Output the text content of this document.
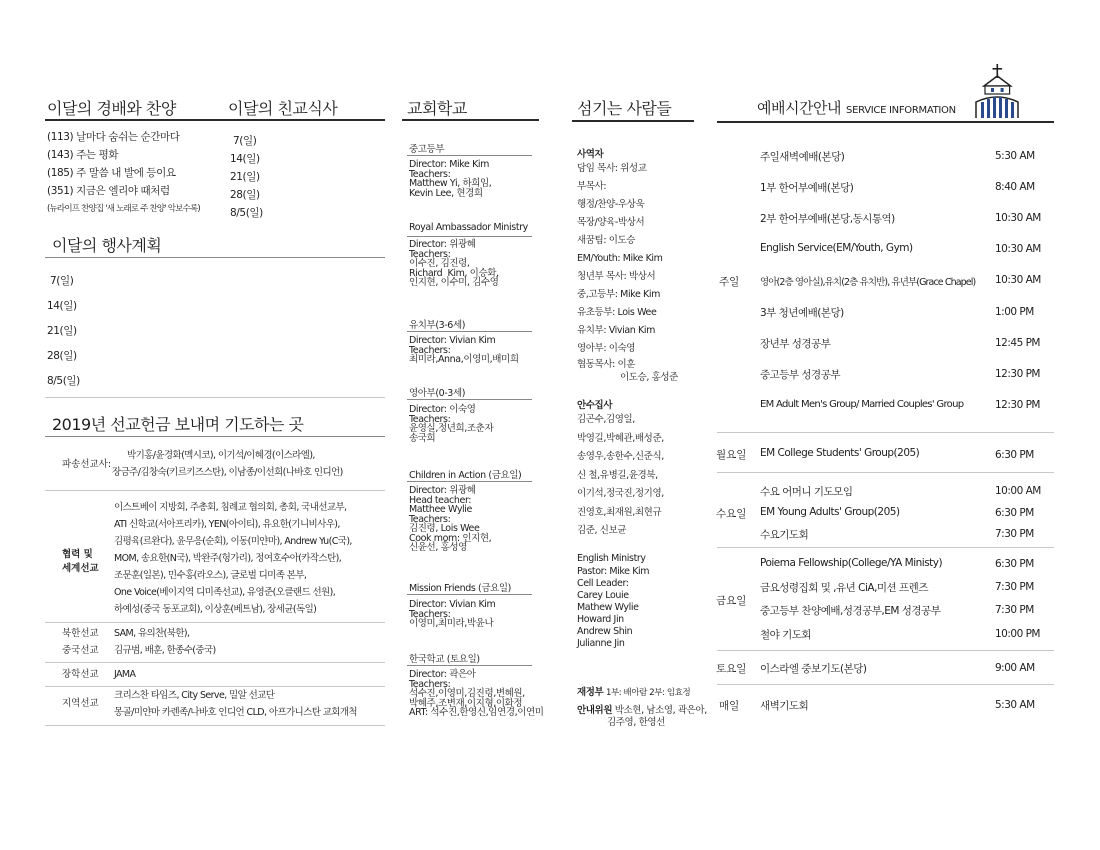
이달의 경배와 찬양	이달의 친교식사
(113) 날마다 숨쉬는 순간마다
(143) 주는 평화
(185) 주 말씀 내 발에 등이요
(351) 지금은 엘리야 때처럼
(뉴라이프 찬양집 '새 노래로 주 찬양' 악보수록)
7(일)
14(일)
21(일)
28(일)
8/5(일)
이달의 행사계획
7(일)
14(일)
21(일)
28(일)
8/5(일)
2019년 선교헌금 보내며 기도하는 곳
파송선교사:
박기홍/윤경화(멕시코), 이기석/이혜경(이스라엘),
장금주/김창숙(키르키즈스탄), 이남종/이선희(나바호 인디언)
협력 및 세계선교
이스트베이 지방회, 주총회, 침례교 협의회, 총회, 국내선교부,
ATI 신학교(서아프리카), YEN(아이티), 유요한(기니비사우),
김평육(르완다), 윤무응(순회), 이동(미얀마), Andrew Yu(C국),
MOM, 송요한(N국), 박완주(헝가리), 정여호수아(카작스탄),
조문훈(일본), 민수홍(라오스), 글로벌 디미족 본부,
One Voice(베이지역 디미족선교), 유영준(오클랜드 선원),
하예성(중국 동포교회), 이상훈(베트남), 장세균(독일)
북한선교 SAM, 유의찬(북한),
중국선교 김규범, 배훈, 한종수(중국)
장학선교 JAMA
지역선교
크리스찬 타임즈, City Serve, 밀알 선교단
몽골/미얀마 카렌족/나바호 인디언 CLD, 아프가니스탄 교회개척
교회학교
중고등부
Director: Mike Kim
Teachers:
Matthew Yi, 하희임,
Kevin Lee, 현경희
Royal Ambassador Ministry
Director: 위광혜
Teachers:
이수진, 김진령,
Richard  Kim, 이승화,
인지현, 이수미, 김수영
유치부(3-6세)
Director: Vivian Kim
Teachers:
최미라,Anna,이영미,배미희
영아부(0-3세)
Director: 이숙영
Teachers:
윤영실,정년희,조춘자
송국희
Children in Action (금요일)
Director: 위광혜
Head teacher:
Matthee Wylie
Teachers:
김진령, Lois Wee
Cook mom: 인지현,
신윤선, 홍성영
Mission Friends (금요일)
Director: Vivian Kim
Teachers:
이영미,최미라,박윤나
한국학교 (토요일)
Director: 곽은아
Teachers:
석수진,이영미,김진령,변혜원,
박혜주,조변재,이지형,이화정
ART: 석수진,한영신,임연경,이연미
섬기는 사람들
사역자
담임 목사: 위성교
부목사:
행정/찬양-우상욱
목장/양육-박상서
새꿈팀: 이도승
EM/Youth: Mike Kim
청년부 목사: 박상서
중,고등부: Mike Kim
유초등부: Lois Wee
유치부: Vivian Kim
영아부: 이숙영
협동목사: 이훈
이도승, 홍성준
안수집사
김곤수,김영일,
박영길,박혜관,배성준,
송영우,송한수,신준식,
신 철,유병길,윤경북,
이기석,정국진,정기영,
진영호,최재원,최현규
김준, 신보균
English Ministry
Pastor: Mike Kim
Cell Leader:
Carey Louie
Mathew Wylie
Howard Jin
Andrew Shin
Julianne Jin
재정부 1부: 배아람 2부: 임효정
안내위원 박소현, 남소영, 곽은아,
김주영, 한영선
예배시간안내 SERVICE INFORMATION
주일
주일새벽예배(본당)	5:30 AM
1부 한어부예배(본당)	8:40 AM
2부 한어부예배(본당,동시통역)	10:30 AM
English Service(EM/Youth, Gym)	10:30 AM
영아(2층 영아실),유치(2층 유치반), 유년부(Grace Chapel) 10:30 AM
3부 청년예배(본당)	1:00 PM
장년부 성경공부	12:45 PM
중고등부 성경공부	12:30 PM
EM Adult Men's Group/ Married Couples' Group	12:30 PM
월요일 EM College Students' Group(205)	6:30 PM
수요일
수요 어머니 기도모임	10:00 AM
EM Young Adults' Group(205)	6:30 PM
수요기도회	7:30 PM
금요일
Poiema Fellowship(College/YA Ministy)	6:30 PM
금요성령집회 및 ,유년 CiA,미션 프렌즈	7:30 PM
중고등부 찬양예배,성경공부,EM 성경공부	7:30 PM
철야 기도회	10:00 PM
토요일 이스라엘 중보기도(본당)	9:00 AM
매일 새벽기도회	5:30 AM
